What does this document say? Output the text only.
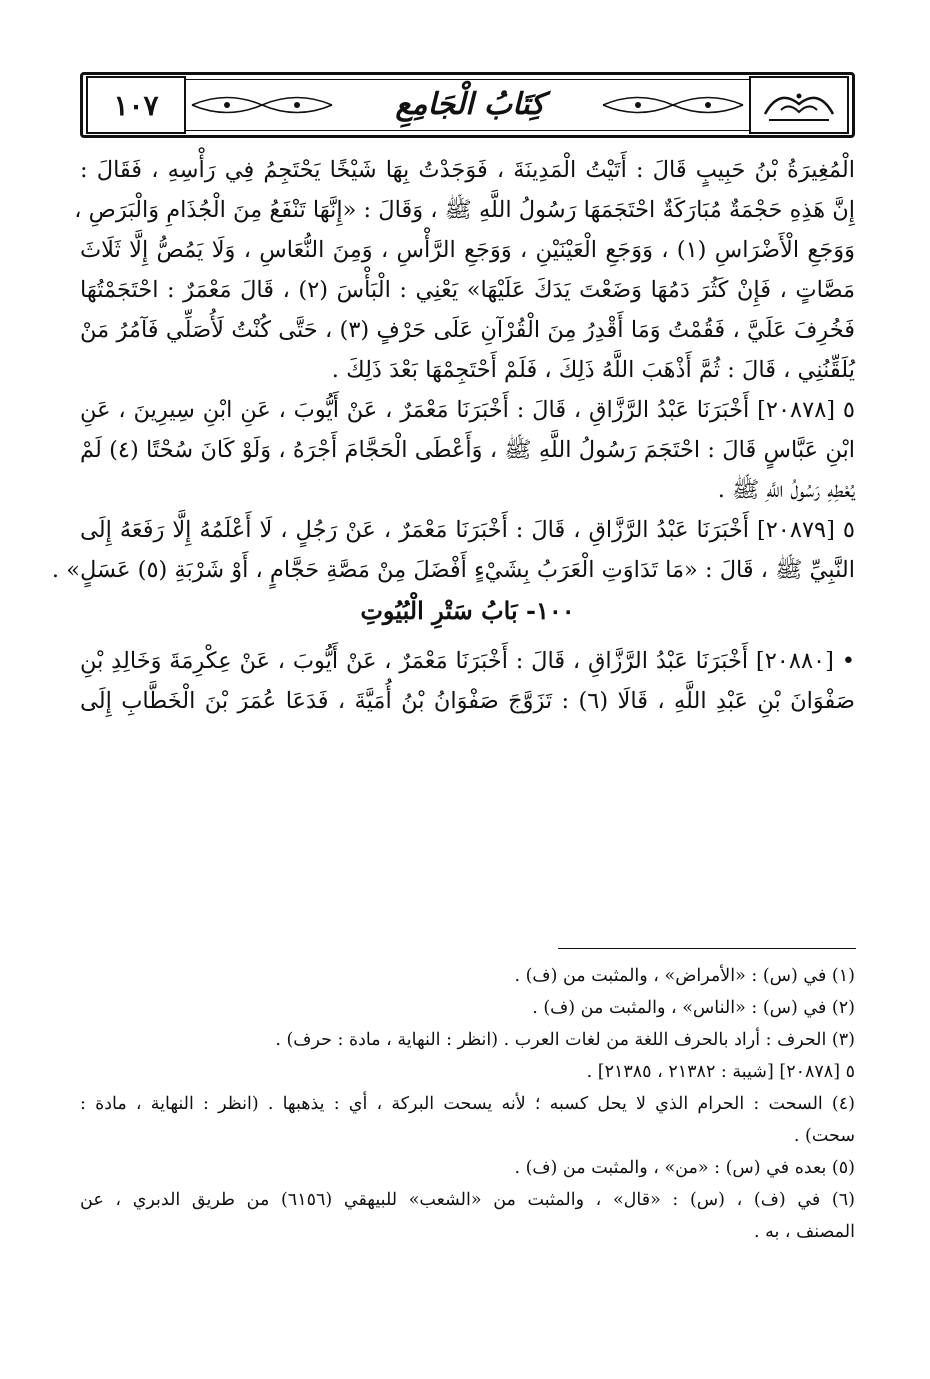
١٠٧	كِتَابُ الْجَامِعِ

الْمُغِيرَةُ بْنُ حَبِيبٍ قَالَ : أَتَيْتُ الْمَدِينَةَ ، فَوَجَدْتُ بِهَا شَيْخًا يَحْتَجِمُ فِي رَأْسِهِ ، فَقَالَ :
إِنَّ هَذِهِ حَجْمَةٌ مُبَارَكَةٌ احْتَجَمَهَا رَسُولُ اللَّهِ ﷺ ، وَقَالَ : «إِنَّهَا تَنْفَعُ مِنَ الْجُذَامِ وَالْبَرَصِ ،
وَوَجَعِ الْأَضْرَاسِ (١) ، وَوَجَعِ الْعَيْنَيْنِ ، وَوَجَعِ الرَّأْسِ ، وَمِنَ النُّعَاسِ ، وَلَا يَمُصُّ إِلَّا ثَلَاثَ
مَصَّاتٍ ، فَإِنْ كَثُرَ دَمُهَا وَضَعْتَ يَدَكَ عَلَيْهَا» يَعْنِي : الْبَأْسَ (٢) ، قَالَ مَعْمَرٌ : احْتَجَمْتُهَا
فَخُرِفَ عَلَيَّ ، فَقُمْتُ وَمَا أَقْدِرُ مِنَ الْقُرْآنِ عَلَى حَرْفٍ (٣) ، حَتَّى كُنْتُ لَأُصَلِّي فَآمُرُ مَنْ
يُلَقِّنُنِي ، قَالَ : ثُمَّ أَذْهَبَ اللَّهُ ذَلِكَ ، فَلَمْ أَحْتَجِمْهَا بَعْدَ ذَلِكَ .

٥ [٢٠٨٧٨] أَخْبَرَنَا عَبْدُ الرَّزَّاقِ ، قَالَ : أَخْبَرَنَا مَعْمَرٌ ، عَنْ أَيُّوبَ ، عَنِ ابْنِ سِيرِينَ ، عَنِ
ابْنِ عَبَّاسٍ قَالَ : احْتَجَمَ رَسُولُ اللَّهِ ﷺ ، وَأَعْطَى الْحَجَّامَ أَجْرَهُ ، وَلَوْ كَانَ سُحْتًا (٤) لَمْ
يُعْطِهِ رَسُولُ اللَّهِ ﷺ .

٥ [٢٠٨٧٩] أَخْبَرَنَا عَبْدُ الرَّزَّاقِ ، قَالَ : أَخْبَرَنَا مَعْمَرٌ ، عَنْ رَجُلٍ ، لَا أَعْلَمُهُ إِلَّا رَفَعَهُ إِلَى
النَّبِيِّ ﷺ ، قَالَ : «مَا تَدَاوَتِ الْعَرَبُ بِشَيْءٍ أَفْضَلَ مِنْ مَصَّةِ حَجَّامٍ ، أَوْ شَرْبَةِ (٥) عَسَلٍ» .

١٠٠- بَابُ سَتْرِ الْبُيُوتِ

• [٢٠٨٨٠] أَخْبَرَنَا عَبْدُ الرَّزَّاقِ ، قَالَ : أَخْبَرَنَا مَعْمَرٌ ، عَنْ أَيُّوبَ ، عَنْ عِكْرِمَةَ وَخَالِدِ بْنِ
صَفْوَانَ بْنِ عَبْدِ اللَّهِ ، قَالَا (٦) : تَزَوَّجَ صَفْوَانُ بْنُ أُمَيَّةَ ، فَدَعَا عُمَرَ بْنَ الْخَطَّابِ إِلَى

(١) في (س) : «الأمراض» ، والمثبت من (ف) .
(٢) في (س) : «الناس» ، والمثبت من (ف) .
(٣) الحرف : أراد بالحرف اللغة من لغات العرب . (انظر : النهاية ، مادة : حرف) .
٥ [٢٠٨٧٨] [شيبة : ٢١٣٨٢ ، ٢١٣٨٥] .
(٤) السحت : الحرام الذي لا يحل كسبه ؛ لأنه يسحت البركة ، أي : يذهبها . (انظر : النهاية ، مادة :
سحت) .
(٥) بعده في (س) : «من» ، والمثبت من (ف) .
(٦) في (ف) ، (س) : «قال» ، والمثبت من «الشعب» للبيهقي (٦١٥٦) من طريق الدبري ، عن
المصنف ، به .
